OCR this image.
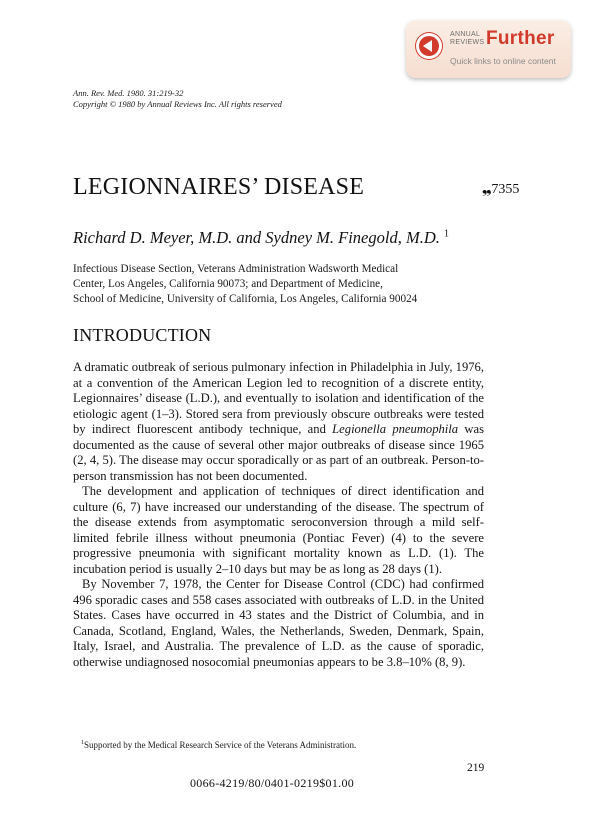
ANNUAL REVIEWS Further
Quick links to online content
Ann. Rev. Med. 1980. 31:219-32
Copyright © 1980 by Annual Reviews Inc. All rights reserved
LEGIONNAIRES’ DISEASE	❠7355
Richard D. Meyer, M.D. and Sydney M. Finegold, M.D. $^1$
Infectious Disease Section, Veterans Administration Wadsworth Medical
Center, Los Angeles, California 90073; and Department of Medicine,
School of Medicine, University of California, Los Angeles, California 90024
INTRODUCTION

A dramatic outbreak of serious pulmonary infection in Philadelphia in July, 1976, at a convention of the American Legion led to recognition of a discrete entity, Legionnaires’ disease (L.D.), and eventually to isolation and identification of the etiologic agent (1–3). Stored sera from previously obscure outbreaks were tested by indirect fluorescent antibody technique, and Legionella pneumophila was documented as the cause of several other major outbreaks of disease since 1965 (2, 4, 5). The disease may occur sporadically or as part of an outbreak. Person-to-person transmission has not been documented.

The development and application of techniques of direct identification and culture (6, 7) have increased our understanding of the disease. The spectrum of the disease extends from asymptomatic seroconversion through a mild self-limited febrile illness without pneumonia (Pontiac Fever) (4) to the severe progressive pneumonia with significant mortality known as L.D. (1). The incubation period is usually 2–10 days but may be as long as 28 days (1).

By November 7, 1978, the Center for Disease Control (CDC) had confirmed 496 sporadic cases and 558 cases associated with outbreaks of L.D. in the United States. Cases have occurred in 43 states and the District of Columbia, and in Canada, Scotland, England, Wales, the Netherlands, Sweden, Denmark, Spain, Italy, Israel, and Australia. The prevalence of L.D. as the cause of sporadic, otherwise undiagnosed nosocomial pneumonias appears to be 3.8–10% (8, 9).

$^1$Supported by the Medical Research Service of the Veterans Administration.
219
0066-4219/80/0401-0219$01.00
